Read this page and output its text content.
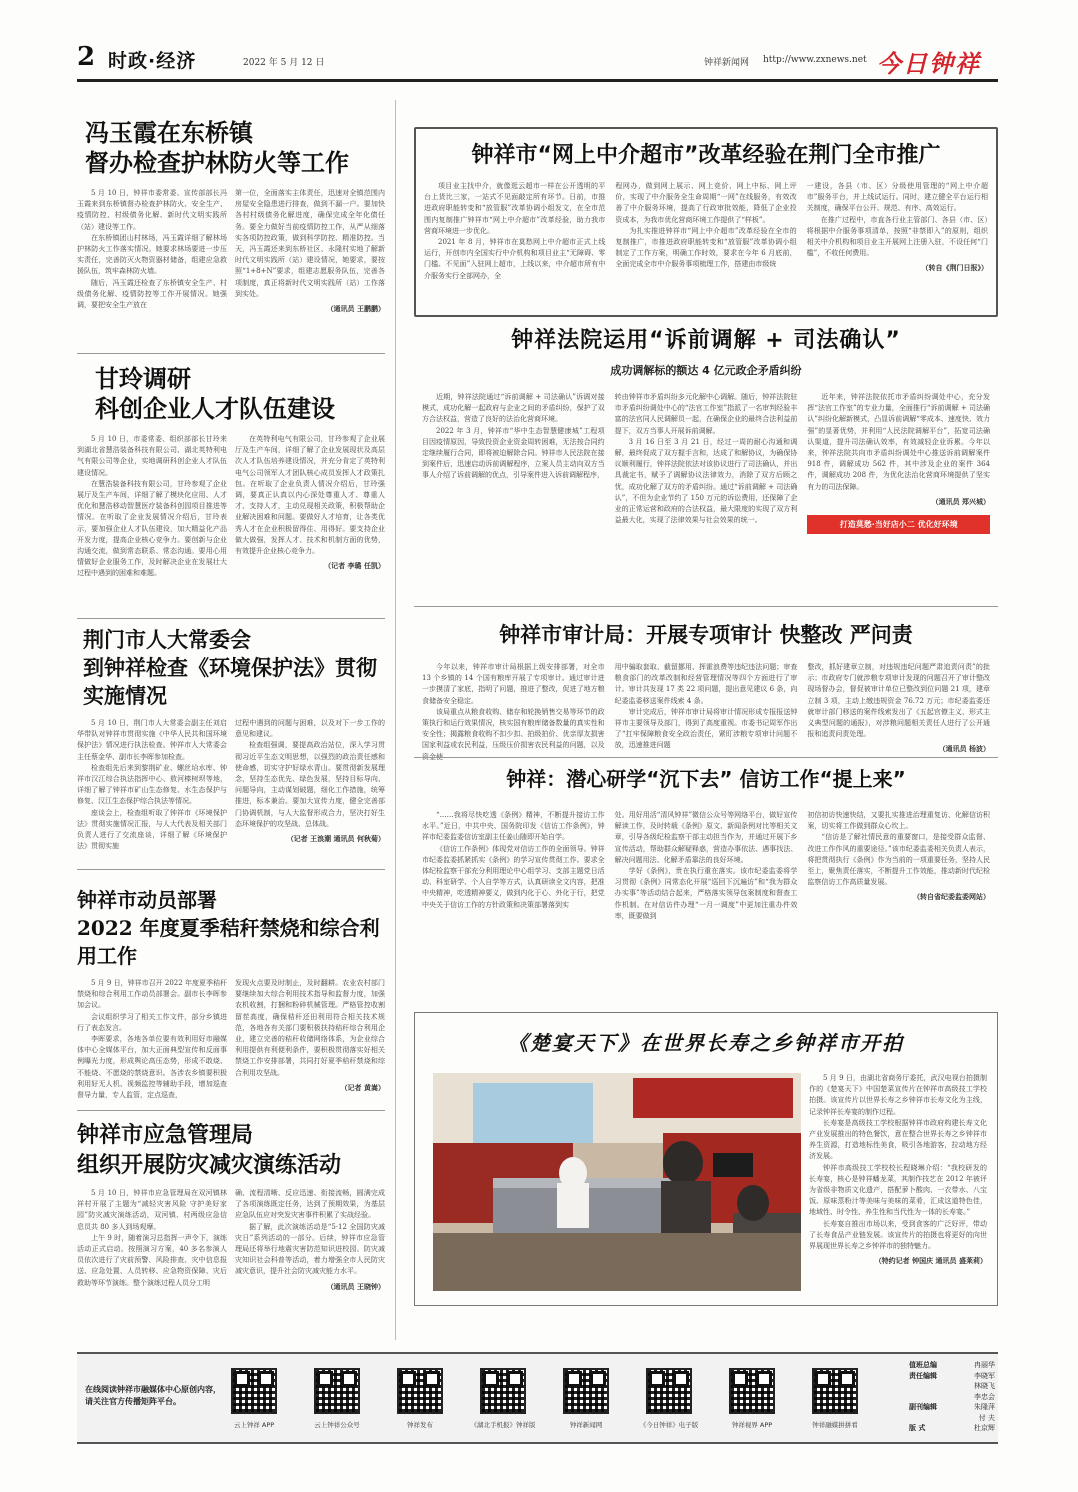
2 时政·经济	2022 年 5 月 12 日	钟祥新闻网 http://www.zxnews.net 今日钟祥
冯玉霞在东桥镇
督办检查护林防火等工作

5 月 10 日，钟祥市委常委、宣传部部长冯玉霞来到东桥镇督办检查护林防火、安全生产、疫情防控、村级债务化解、新时代文明实践所（站）建设等工作。

在东桥镇团山村林场，冯玉霞详细了解林场护林防火工作落实情况。她要求林场要进一步压实责任，完善防灭火物资器材储备，组建应急救援队伍，筑牢森林防火墙。

随后，冯玉霞还检查了东桥镇安全生产、村级债务化解、疫情防控等工作开展情况。她强调，要把安全生产放在

第一位，全面落实主体责任，迅速对全镇范围内房屋安全隐患进行排查，做到不漏一户。要加快各村村级债务化解进度，确保完成全年化债任务。要全力做好当前疫情防控工作，从严从细落实各项防控政策，做到科学防控、精准防控。当天，冯玉霞还来到东桥社区、永隆村实地了解新时代文明实践所（站）建设情况，她要求，要按照“1+8+N”要求，组建志愿服务队伍，完善各项制度，真正将新时代文明实践所（站）工作落到实处。

（通讯员 王鹏鹏）

甘玲调研
科创企业人才队伍建设

5 月 10 日，市委常委、组织部部长甘玲来到湖北省慧浩装备科技有限公司、湖北英特利电气有限公司等企业，实地调研科创企业人才队伍建设情况。

在慧浩装备科技有限公司，甘玲参观了企业展厅及生产车间，详细了解了模块化应用、人才优化和慧浩移动智慧医疗装备科创园项目推进等情况。在听取了企业发展情况介绍后，甘玲表示，要加强企业人才队伍建设，加大精益化产品开发力度，提高企业核心竞争力。要创新与企业沟通交流，做到常态联系、常态沟通。要用心用情做好企业服务工作，及时解决企业在发展壮大过程中遇到的困难和难题。

在英特利电气有限公司，甘玲参观了企业展厅及生产车间，详细了解了企业发展现状及高层次人才队伍培养建设情况，并充分肯定了英特利电气公司领军人才团队核心成员发挥人才政策扎包。在听取了企业负责人情况介绍后，甘玲强调，要真正认真以内心深处尊重人才、尊重人才、支持人才，主动兑现相关政策，积极帮助企业解决困难和问题。要做好人才培育，让各类优秀人才在企业积极留得住、用得好。要支持企业做大做强，发挥人才、技术和机制方面的优势，有效提升企业核心竞争力。

（记者 李璐 任凯）

荆门市人大常委会
到钟祥检查《环境保护法》贯彻实施情况

5 月 10 日，荆门市人大常委会副主任刘启华带队对钟祥市贯彻实施《中华人民共和国环境保护法》情况进行执法检查。钟祥市人大常委会主任蔡金华、副市长李晖参加检查。

检查组先后来到黎荆矿业、螺丝坮水库、钟祥市汉江综合执法指挥中心、敖河榛树坝等地，详细了解了钟祥市矿山生态修复、水生态保护与修复、汉江生态保护综合执法等情况。

座谈会上，检查组听取了钟祥市《环境保护法》贯彻实施情况汇报，与人大代表及相关部门负责人进行了交流座谈，详细了解《环境保护法》贯彻实施

过程中遇到的问题与困难，以及对下一步工作的意见和建议。

检查组强调，要提高政治站位，深入学习贯彻习近平生态文明思想，以强烈的政治责任感和使命感，切实守护好绿水青山。要贯彻新发展理念，坚持生态优先、绿色发展，坚持目标导向、问题导向，主动谋划破题，细化工作措施，统筹推进，标本兼治。要加大宣传力度，健全完善部门协调机制，与人大监督形成合力，坚决打好生态环境保护的攻坚战、总体战。

（记者 王浪潮 通讯员 何秋菊）

钟祥市动员部署
2022 年度夏季秸秆禁烧和综合利用工作

5 月 9 日，钟祥市召开 2022 年度夏季秸秆禁烧和综合利用工作动员部署会。副市长李晖参加会议。

会议组织学习了相关工作文件，部分乡镇进行了表态发言。

李晖要求，各地各单位要有效利用好市融媒体中心全媒体平台，加大正面典型宣传和反面事例曝光力度，形成舆论高压态势，形成不敢烧、不能烧、不愿烧的禁烧意识。各涉农乡镇要积极利用好无人机、视频监控等辅助手段，增加巡查督导力量，专人监管，定点巡查，

发现火点要及时制止，及时翻耕。农业农村部门要继续加大综合利用技术指导和监督力度，加强农机收割，打捆和粉碎机械管理。严格管控收割留茬高度，确保秸秆还田利用符合相关技术规范，各地各有关部门要积极扶持秸秆综合利用企业，建立完善的秸秆收储网络体系，为企业综合利用提供有利便利条件，要积极贯彻落实好相关禁烧工作安排部署，共同打好夏季秸秆禁烧和综合利用攻坚战。

（记者 黄嵩）

钟祥市应急管理局
组织开展防灾减灾演练活动

5 月 10 日，钟祥市应急管理局在双河镇林祥村开展了主题为“减轻灾害风险 守护美好家园”防灾减灾演练活动，双河镇、村两级应急信息员共 80 多人到场观摩。

上午 9 时，随着演习总指挥一声令下，演练活动正式启动。按照演习方案，40 多名参演人员依次进行了灾前预警、风险排查、灾中信息报送、应急处置、人员转移、应急物资保障、灾后救助等环节演练。整个演练过程人员分工明

确、流程清晰、反应迅速、衔接流畅，圆满完成了各项演练既定任务，达到了预期效果，为基层应急队伍应对突发灾害事件积累了实战经验。

据了解，此次演练活动是“5·12 全国防灾减灾日”系列活动的一部分。后续，钟祥市应急管理局还将举行地震灾害防范知识进校园、防灾减灾知识社会科普等活动，着力增强全市人民防灾减灾意识，提升社会防灾减灾能力水平。

（通讯员 王晓钟）

钟祥市“网上中介超市”改革经验在荆门全市推广

项目业主找中介，就像逛云超市一样在公开透明的平台上货比三家，一站式不见面敲定所有环节。日前，市推进政府职能转变和“放管服”改革协调小组发文，在全市范围内复制推广钟祥市“网上中介超市”改革经验，助力我市营商环境进一步优化。

2021 年 8 月，钟祥市在莫愁网上中介超市正式上线运行，开创市内全国实行中介机构和项目业主“无障碍、零门槛、不见面”入驻网上超市，上线以来，中介超市所有中介服务实行全部网办，全

程网办，做到网上展示、网上竞价、网上中标、网上评价，实现了中介服务全生命周期“一网”在线服务，有效改善了中介服务环境，提高了行政审批效能，降低了企业投资成本，为我市优化营商环境工作提供了“样板”。

为扎实推进钟祥市“网上中介超市”改革经验在全市的复制推广，市推进政府职能转变和“放管服”改革协调小组制定了工作方案，明确工作时效，要求在今年 6 月底前，全面完成全市中介服务事项梳理工作，搭建由市级统

一建设，各县（市、区）分级使用管理的“网上中介超市”服务平台，并上线试运行。同时，建立健全平台运行相关制度，确保平台公开、规范、有序、高效运行。

在推广过程中，市直各行业主管部门、各县（市、区）将根据中介服务事项清单，按照“非禁即入”的原则，组织相关中介机构和项目业主开展网上注册入驻，不设任何“门槛”，不收任何费用。

（转自《荆门日报》）

钟祥法院运用“诉前调解 + 司法确认”
成功调解标的额达 4 亿元政企矛盾纠纷

近期，钟祥法院通过“诉前调解 + 司法确认”诉调对接模式，成功化解一起政府与企业之间的矛盾纠纷，保护了双方合法权益，营造了良好的法治化营商环境。

2022 年 3 月，钟祥市“华中生态智慧健康城”工程项目因疫情原因，导致投资企业资金周转困难，无法按合同约定继续履行合同，即将被迫解除合同。钟祥市人民法院在接到案件后，迅速启动诉前调解程序，立案人员主动向双方当事人介绍了诉前调解的优点，引导案件进入诉前调解程序，

转由钟祥市矛盾纠纷多元化解中心调解。随后，钟祥法院驻市矛盾纠纷调处中心的“法官工作室”指派了一名审判经验丰富的法官同人民调解员一起，在确保企业的最终合法利益前提下，双方当事人开展诉前调解。

3 月 16 日至 3 月 21 日，经过一周的耐心沟通和调解，最终促成了双方握手言和，达成了和解协议，为确保协议顺利履行，钟祥法院依法对该协议进行了司法确认，并出具裁定书，赋予了调解协议法律效力，消除了双方后顾之忧，成功化解了双方的矛盾纠纷。通过“诉前调解 + 司法确认”，不但为企业节约了 150 万元的诉讼费用，还保障了企业的正常运营和政府的合法权益，最大限度的实现了双方利益最大化，实现了法律效果与社会效果的统一。

近年来，钟祥法院依托市矛盾纠纷调处中心，充分发挥“法官工作室”的专业力量，全面推行“诉前调解 + 司法确认”纠纷化解新模式，凸显诉前调解“零成本、速度快、效力强”的显著优势，并利用“人民法院调解平台”，拓宽司法确认渠道，提升司法确认效率，有效减轻企业诉累。今年以来，钟祥法院共向市矛盾纠纷调处中心推送诉前调解案件 918 件，调解成功 562 件，其中涉及企业的案件 364 件，调解成功 208 件，为优化法治化营商环境提供了坚实有力的司法保障。

（通讯员 郑兴城）

打造莫愁·当好店小二 优化好环境
钟祥市审计局：开展专项审计 快整改 严问责

今年以来，钟祥市审计局根据上级安排部署，对全市 13 个乡镇的 14 个国有粮库开展了专项审计。通过审计进一步摸清了家底，指明了问题，推进了整改，促进了地方粮食储备安全稳定。

该局重点从粮食收购、储存和轮换销售交易等环节的政策执行和运行效果情况，核实国有粮库储备数量的真实性和安全性；揭露粮食收购不扣少扣、拍级拍价、优亲厚友损害国家利益或农民利益，压级压价损害农民利益的问题，以及

用中骗取套取、截留挪用、挥霍浪费等违纪违法问题；审查粮食部门的改革改制和经营管理情况等四个方面进行了审计。审计共发现 17 类 22 项问题，提出意见建议 6 条，向纪委监委移送案件线索 4 条。

审计完成后，钟祥市审计局将审计情况形成专报报送钟祥市主要领导及部门，得到了高度重视。市委书记周军作出了“扛牢保障粮食安全政治责任，紧盯涉粮专项审计问题不放，迅速推进问题

整改，抓好建章立制，对违规违纪问题严肃追责问责”的批示；市政府专门就涉粮专项审计发现的问题召开了审计整改现场督办会，督促被审计单位已整改到位问题 21 项，建章立制 3 项，主动上缴违规资金 76.72 万元；市纪委监委还就审计部门移送的案件线索发出了《五起官僚主义、形式主义典型问题的通报》，对涉粮问题相关责任人进行了公开通报和追责问责处理。

（通讯员 杨波）

钟祥：潜心研学“沉下去” 信访工作“提上来”

“……我将尽快吃透《条例》精神，不断提升接访工作水平。”近日，中共中央、国务院印发《信访工作条例》，钟祥市纪委监委信访室副主任姜山随即开始自学。

《信访工作条例》体现党对信访工作的全面领导。钟祥市纪委监委抓紧抓实《条例》的学习宣传贯彻工作。要求全体纪检监察干部充分利用理论中心组学习、支部主题党日活动、科室研学、个人自学等方式，认真研读全文内容，把准中央精神，吃透精神要义，做到内化于心、外化于行，把党中央关于信访工作的方针政策和决策部署落到实

处。用好用活“清风钟祥”微信公众号等网络平台，做好宣传解读工作，及时转载《条例》原文、新闻条例对比等相关文章，引导各级纪检监察干部主动担当作为，并通过开展下乡宣传活动，帮助群众解疑释惑，营造办事依法、遇事找法、解决问题用法、化解矛盾靠法的良好环境。

学好《条例》，贵在执行重在落实。该市纪委监委将学习贯彻《条例》同常态化开展“巡回下沉遍访”和“我为群众办实事”等活动结合起来，严格落实领导包案制度和督查工作机制。在对信访件办理“一月一调度”中更加注重办件效率，既要做到

初信初访快速快结，又要扎实推进治理重复访、化解信访积案，切实将工作做到群众心坎上。

“信访是了解社情民意的重要窗口，是接受群众监督、改进工作作风的重要途径。”该市纪委监委相关负责人表示，将把贯彻执行《条例》作为当前的一项重要任务，坚持人民至上，聚焦责任落实，不断提升工作效能，推动新时代纪检监察信访工作高质量发展。

（转自省纪委监委网站）

《楚宴天下》在世界长寿之乡钟祥市开拍

5 月 9 日，由湖北省商务厅委托，武汉电视台拍摄制作的《楚宴天下》中国楚菜宣传片在钟祥市高级技工学校拍摄。该宣传片以世界长寿之乡钟祥市长寿文化为主线，记录钟祥长寿宴的制作过程。

长寿宴是高级技工学校根据钟祥市政府构建长寿文化产业发展推出的特色餐饮，意在整合世界长寿之乡钟祥市养生资源，打造地标性美食，吸引各地游客，拉动地方经济发展。

钟祥市高级技工学校校长程晓琳介绍：“我校研发的长寿宴，核心是钟祥蟠龙菜，其制作技艺在 2012 年被评为省级非物质文化遗产，搭配萝卜酸肉、一衣带水、八宝饭、原味蒸粉汁等美味与美味的菜肴，汇成这道特色佳，地域性、时令性、养生性和当代性为一体的长寿宴。”

长寿宴自推出市场以来，受到食客的广泛好评，带动了长寿食品产业链发展。该宣传片的拍摄也将更好的向世界展现世界长寿之乡钟祥市的独特魅力。

（特约记者 钟国庆 通讯员 盛莱莉）

在线阅读钟祥市融媒体中心原创内容，请关注官方传播矩阵平台。
云上钟祥 APP	云上钟祥公众号	钟祥发布	《湖北手机报》钟祥版	钟祥新闻网	《今日钟祥》电子版	钟祥视界 APP	钟祥融媒拼拼看
值班总编	冉丽华
责任编辑	李晓军
林晓飞
李忠会
副刊编辑	朱隆萍
付 夫
版 式	杜京辉
